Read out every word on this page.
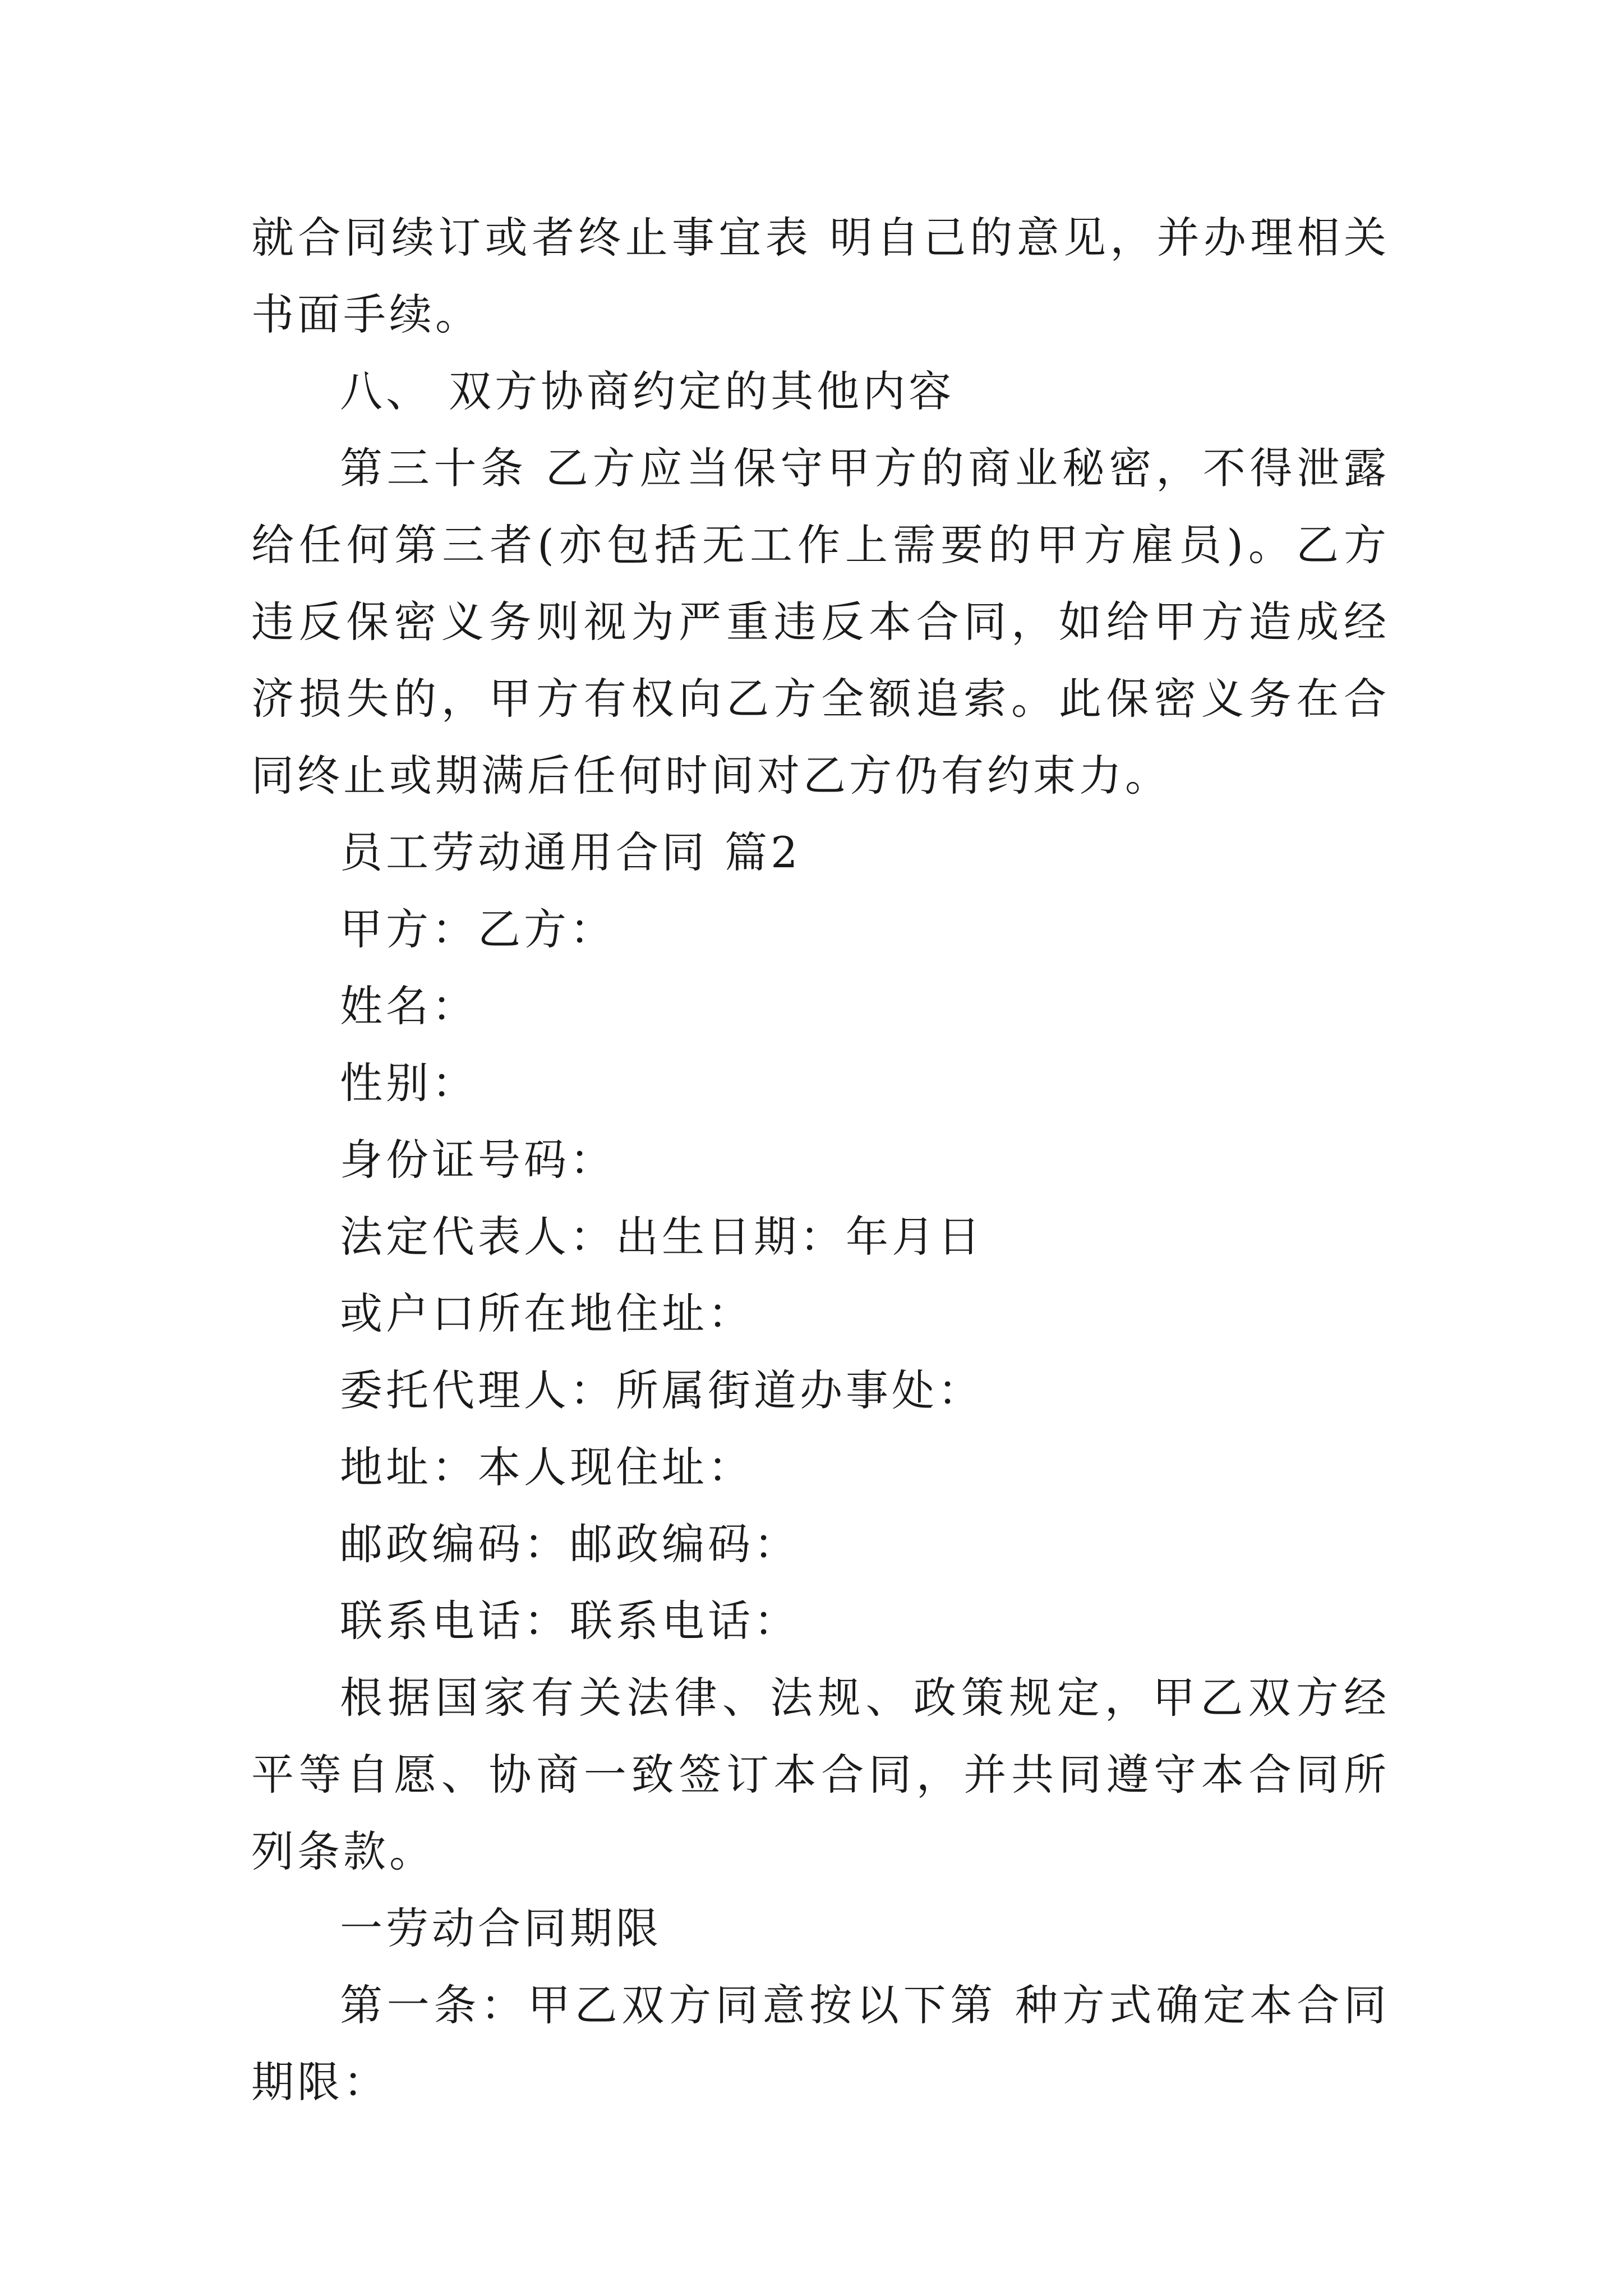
就合同续订或者终止事宜表 明自己的意见，并办理相关书面手续。

八、 双方协商约定的其他内容

第三十条 乙方应当保守甲方的商业秘密，不得泄露给任何第三者(亦包括无工作上需要的甲方雇员)。乙方违反保密义务则视为严重违反本合同，如给甲方造成经济损失的，甲方有权向乙方全额追索。此保密义务在合同终止或期满后任何时间对乙方仍有约束力。

员工劳动通用合同 篇2

甲方：乙方：

姓名：

性别：

身份证号码：

法定代表人：出生日期：年月日

或户口所在地住址：

委托代理人：所属街道办事处：

地址：本人现住址：

邮政编码：邮政编码：

联系电话：联系电话：

根据国家有关法律、法规、政策规定，甲乙双方经平等自愿、协商一致签订本合同，并共同遵守本合同所列条款。

一劳动合同期限

第一条：甲乙双方同意按以下第 种方式确定本合同期限：
